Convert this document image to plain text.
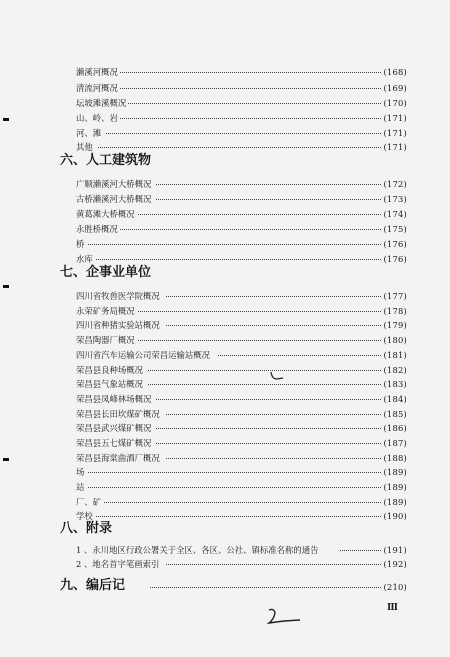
濑溪河概况	(168)
清流河概况	(169)
坛坡滩溪概况	(170)
山、岭、岩	(171)
河、滩	(171)
其他	(171)
六、人工建筑物
广顺濑溪河大桥概况	(172)
古桥濑溪河大桥概况	(173)
黄葛滩大桥概况	(174)
永胜桥概况	(175)
桥	(176)
水库	(176)
七、企事业单位
四川省牧兽医学院概况	(177)
永荣矿务局概况	(178)
四川省种猪实验站概况	(179)
荣昌陶器厂概况	(180)
四川省汽车运输公司荣昌运输站概况	(181)
荣昌县良种场概况	(182)
荣昌县气象站概况	(183)
荣昌县凤峰林场概况	(184)
荣昌县长田坎煤矿概况	(185)
荣昌县武兴煤矿概况	(186)
荣昌县五七煤矿概况	(187)
荣昌县海棠曲酒厂概况	(188)
场	(189)
站	(189)
厂、矿	(189)
学校	(190)
八、附录
1 、永川地区行政公署关于全区、各区、公社、镇标准名称的通告	(191)
2 、地名首字笔画索引	(192)
九、编后记	(210)
Ⅲ
